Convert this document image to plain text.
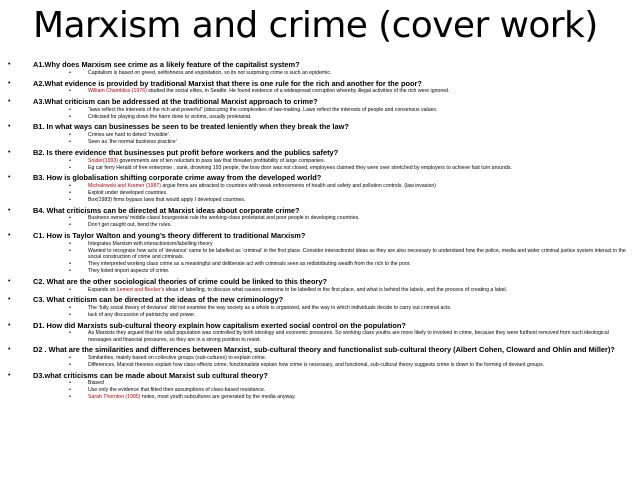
Marxism and crime (cover work)
•	A1.Why does Marxism see crime as a likely feature of the capitalist system?
•	Capitalism is based on greed, selfishness and exploitation, so its not surprising crime is such an epidemic.
•	A2.What evidence is provided by traditional Marxist that there is one rule for the rich and another for the poor?
•	William Chambliss (1976) studied the social elites, in Seattle. He found evidence of a widespread corruption whereby illegal activities of the rich were ignored.
•	A3.What criticism can be addressed at the traditional Marxist approach to crime?
•	“laws reflect the interests of the rich and powerful” (obscuring the complexities of law-making. Laws reflect the interests of people and consensus values.
•	Criticised for playing down the harm done to victims, usually proletariat.
•	B1. In what ways can businesses be seen to be treated leniently when they break the law?
•	Crimes are hard to detect ‘invisible’.
•	Seen as ‘the normal business practice’
•	B2. Is there evidence that businesses put profit before workers and the publics safety?
•	Snider(1993) governments are of ten reluctant to pass law that threaten profitability of large companies.
•	Eg car ferry Herald of free enterprise , sank, drowning 193 people, the bow door was not closed, employees claimed they were over stretched by employers to achieve fast turn arounds.
•	B3. How is globalisation shifting corporate crime away from the developed world?
•	Michalowski and Kramer (1987) argue firms are attracted to countries with weak enforcements of health and safety and pollution controls. (law invasion)
•	Exploit under developed countries.
•	Box(1983) firms bypass laws that would apply I developed countries.
•	B4. What criticisms can be directed at Marxist ideas about corporate crime?
•	Business owners/ middle-class/ bourgeoisie rule the working-class proletariat and poor people in developing countries.
•	Don’t get caught out, bend the rules.
•	C1. How is Taylor Walton and young’s theory different to traditional Marxism?
•	Integrates Marxism with interactionism/labelling theory
•	Wanted to recognize how acts of ‘deviance’ came to be labelled as ‘criminal’ in the first place. Consider interactionist ideas as they are also necessary to understand how the police, media and wider criminal justice system interact in the social construction of crime and criminals.
•	They interpreted working class crime as a meaningful and deliberate act with criminals seen as redistributing wealth from the rich to the poor.
•	They listed import aspects of crime.
•	C2. What are the other sociological theories of crime could be linked to this theory?
•	Expands on Lemert and Becker’s ideas of labelling, to discuss what causes someone to be labelled in the first place, and what is behind the labels, and the process of creating a label.
•	C3. What criticism can be directed at the ideas of the new criminology?
•	The ‘fully social theory of deviance’ did not examine the way society as a whole is organized, and the way in which individuals decide to carry out criminal acts.
•	lack of any discussion of patriarchy and power.
•	D1. How did Marxists sub-cultural theory explain how capitalism exerted social control on the population?
•	As Marxists they argued that the adult population was controlled by both ideology and economic pressures. So working class youths are more likely to involved in crime, because they were furthest removed from such ideological messages and financial pressures, so they are in a strong position to resist.
•	D2 . What are the similarities and differences between Marxist, sub-cultural theory and functionalist sub-cultural theory (Albert Cohen, Cloward and Ohlin and Miller)?
•	Similarities, mainly based on collective groups (sub-cultures) to explain crime.
•	Differences, Marxist theories explain how class effects crime, functionalists explain how crime is necessary, and functional, sub-cultural theory suggests crime is down to the forming of deviant groups.
•	D3.what criticisms can be made about Marxist sub cultural theory?
•	Biased
•	Use only the evidence that fitted their assumptions of class-based resistance.
•	Sarah Thornton (1995) notes, most youth subcultures are generated by the media anyway.
